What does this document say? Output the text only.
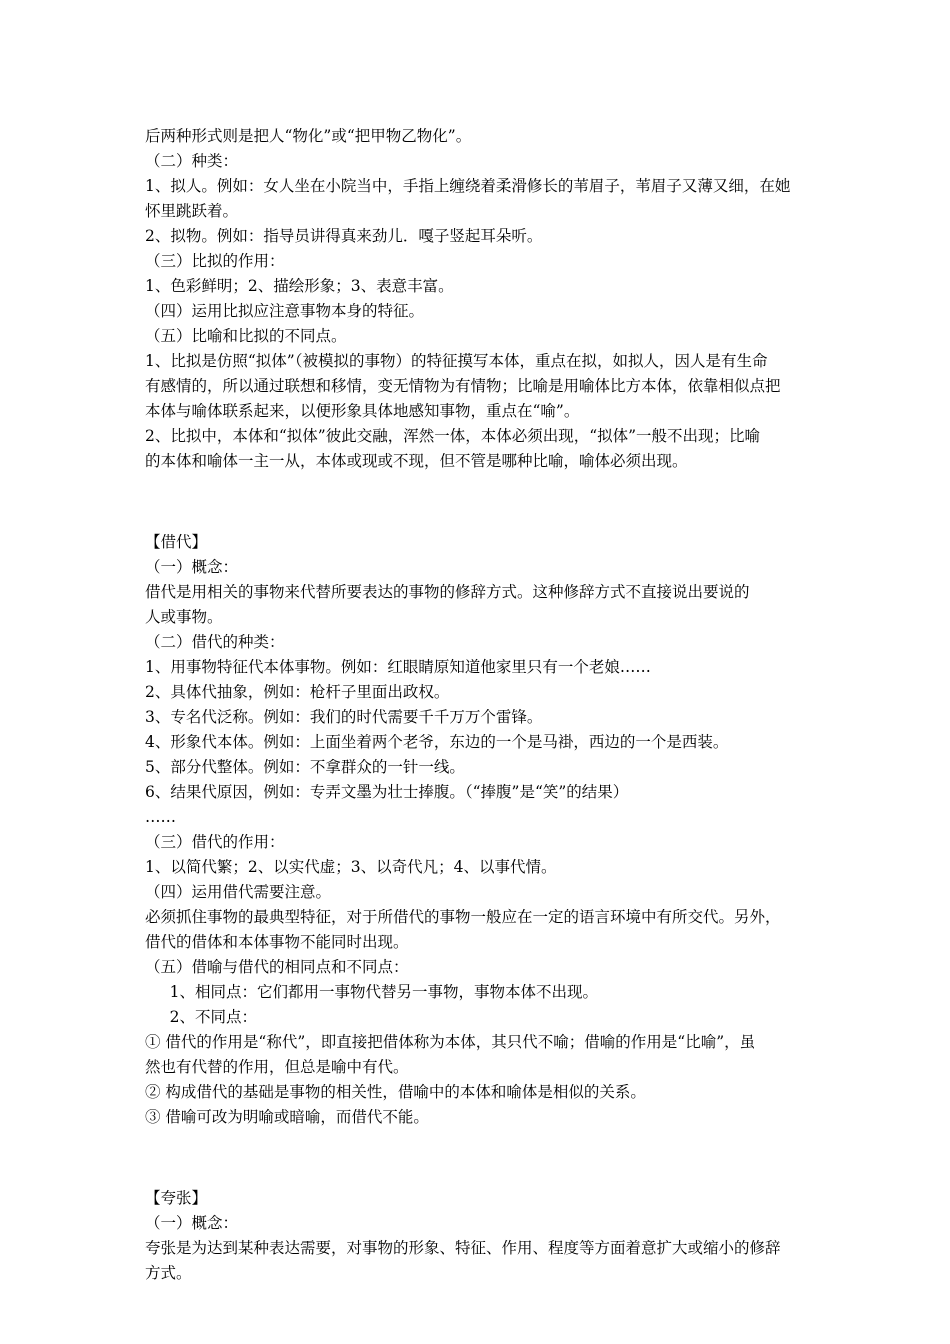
后两种形式则是把人“物化”或“把甲物乙物化”。

（二）种类：

1、拟人。例如：女人坐在小院当中，手指上缠绕着柔滑修长的苇眉子，苇眉子又薄又细，在她

怀里跳跃着。

2、拟物。例如：指导员讲得真来劲儿．嘎子竖起耳朵听。

（三）比拟的作用：

1、色彩鲜明；2、描绘形象；3、表意丰富。

（四）运用比拟应注意事物本身的特征。

（五）比喻和比拟的不同点。

1、比拟是仿照“拟体”（被模拟的事物）的特征摸写本体，重点在拟，如拟人，因人是有生命

有感情的，所以通过联想和移情，变无情物为有情物；比喻是用喻体比方本体，依靠相似点把

本体与喻体联系起来，以便形象具体地感知事物，重点在“喻”。

2、比拟中，本体和“拟体”彼此交融，浑然一体，本体必须出现，“拟体”一般不出现；比喻

的本体和喻体一主一从，本体或现或不现，但不管是哪种比喻，喻体必须出现。

【借代】

（一）概念：

借代是用相关的事物来代替所要表达的事物的修辞方式。这种修辞方式不直接说出要说的

人或事物。

（二）借代的种类：

1、用事物特征代本体事物。例如：红眼睛原知道他家里只有一个老娘……

2、具体代抽象，例如：枪杆子里面出政权。

3、专名代泛称。例如：我们的时代需要千千万万个雷锋。

4、形象代本体。例如：上面坐着两个老爷，东边的一个是马褂，西边的一个是西装。

5、部分代整体。例如：不拿群众的一针一线。

6、结果代原因，例如：专弄文墨为壮士捧腹。（“捧腹”是“笑”的结果）

……

（三）借代的作用：

1、以简代繁；2、以实代虚；3、以奇代凡；4、以事代情。

（四）运用借代需要注意。

必须抓住事物的最典型特征，对于所借代的事物一般应在一定的语言环境中有所交代。另外，

借代的借体和本体事物不能同时出现。

（五）借喻与借代的相同点和不同点：

1、相同点：它们都用一事物代替另一事物，事物本体不出现。

2、不同点：

① 借代的作用是“称代”，即直接把借体称为本体，其只代不喻；借喻的作用是“比喻”，虽

然也有代替的作用，但总是喻中有代。

② 构成借代的基础是事物的相关性，借喻中的本体和喻体是相似的关系。

③ 借喻可改为明喻或暗喻，而借代不能。

【夸张】

（一）概念：

夸张是为达到某种表达需要，对事物的形象、特征、作用、程度等方面着意扩大或缩小的修辞

方式。
